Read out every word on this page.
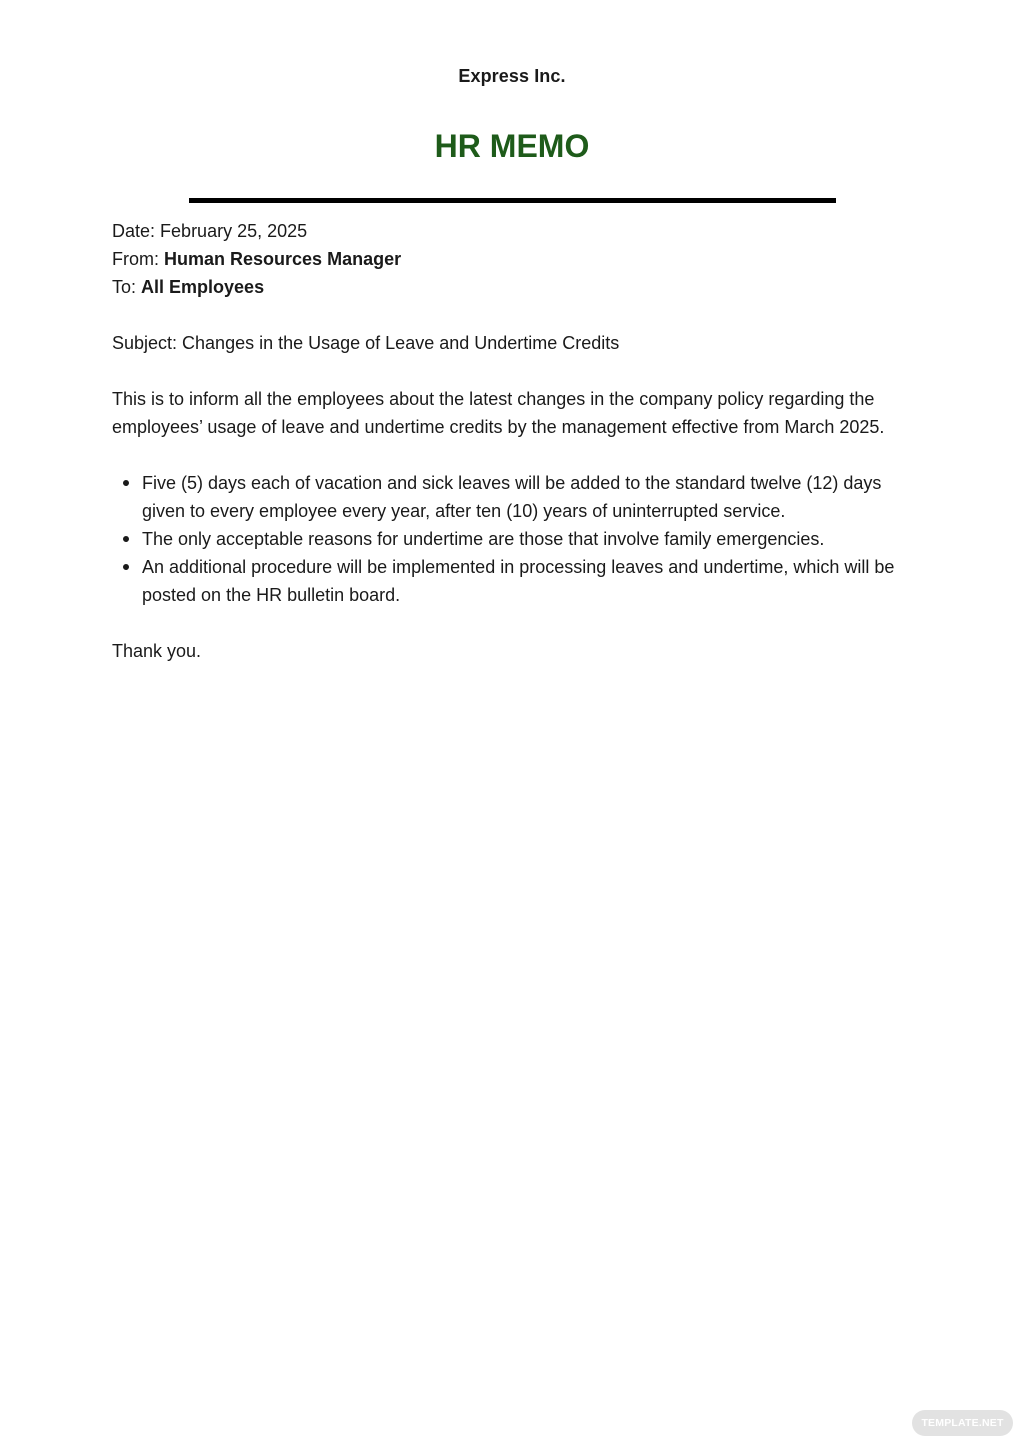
Express Inc.
HR MEMO

Date: February 25, 2025

From: Human Resources Manager

To: All Employees

Subject: Changes in the Usage of Leave and Undertime Credits

This is to inform all the employees about the latest changes in the company policy regarding the employees’ usage of leave and undertime credits by the management effective from March 2025.

Five (5) days each of vacation and sick leaves will be added to the standard twelve (12) days given to every employee every year, after ten (10) years of uninterrupted service.
The only acceptable reasons for undertime are those that involve family emergencies.
An additional procedure will be implemented in processing leaves and undertime, which will be posted on the HR bulletin board.

Thank you.

TEMPLATE.NET
